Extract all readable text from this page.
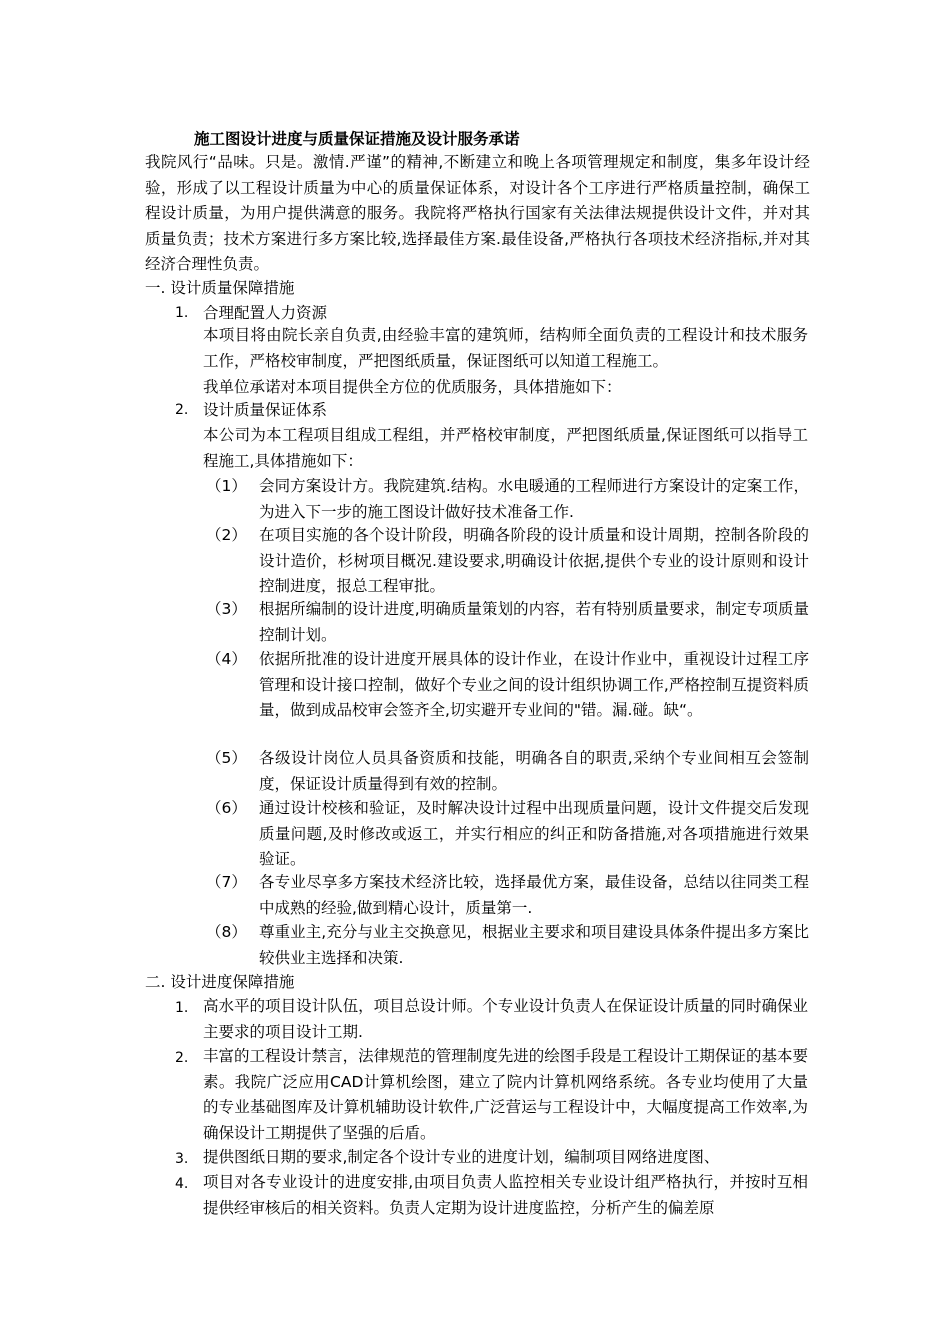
施工图设计进度与质量保证措施及设计服务承诺
我院风行“品味。只是。激情.严谨”的精神,不断建立和晚上各项管理规定和制度，集多年设计经验，形成了以工程设计质量为中心的质量保证体系，对设计各个工序进行严格质量控制，确保工程设计质量，为用户提供满意的服务。我院将严格执行国家有关法律法规提供设计文件，并对其质量负责；技术方案进行多方案比较,选择最佳方案.最佳设备,严格执行各项技术经济指标,并对其经济合理性负责。
一. 设计质量保障措施
1. 合理配置人力资源
本项目将由院长亲自负责,由经验丰富的建筑师，结构师全面负责的工程设计和技术服务工作，严格校审制度，严把图纸质量，保证图纸可以知道工程施工。
我单位承诺对本项目提供全方位的优质服务，具体措施如下：
2. 设计质量保证体系
本公司为本工程项目组成工程组，并严格校审制度，严把图纸质量,保证图纸可以指导工程施工,具体措施如下：
（1） 会同方案设计方。我院建筑.结构。水电暖通的工程师进行方案设计的定案工作，为进入下一步的施工图设计做好技术准备工作.
（2） 在项目实施的各个设计阶段，明确各阶段的设计质量和设计周期，控制各阶段的设计造价，杉树项目概况.建设要求,明确设计依据,提供个专业的设计原则和设计控制进度，报总工程审批。
（3） 根据所编制的设计进度,明确质量策划的内容，若有特别质量要求，制定专项质量控制计划。
（4） 依据所批准的设计进度开展具体的设计作业，在设计作业中，重视设计过程工序管理和设计接口控制，做好个专业之间的设计组织协调工作,严格控制互提资料质量，做到成品校审会签齐全,切实避开专业间的"错。漏.碰。缺“。
（5） 各级设计岗位人员具备资质和技能，明确各自的职责,采纳个专业间相互会签制度，保证设计质量得到有效的控制。
（6） 通过设计校核和验证，及时解决设计过程中出现质量问题，设计文件提交后发现质量问题,及时修改或返工，并实行相应的纠正和防备措施,对各项措施进行效果验证。
（7） 各专业尽享多方案技术经济比较，选择最优方案，最佳设备，总结以往同类工程中成熟的经验,做到精心设计，质量第一.
（8） 尊重业主,充分与业主交换意见，根据业主要求和项目建设具体条件提出多方案比较供业主选择和决策.
二. 设计进度保障措施
1. 高水平的项目设计队伍，项目总设计师。个专业设计负责人在保证设计质量的同时确保业主要求的项目设计工期.
2. 丰富的工程设计禁言，法律规范的管理制度先进的绘图手段是工程设计工期保证的基本要素。我院广泛应用CAD计算机绘图，建立了院内计算机网络系统。各专业均使用了大量的专业基础图库及计算机辅助设计软件,广泛营运与工程设计中，大幅度提高工作效率,为确保设计工期提供了坚强的后盾。
3. 提供图纸日期的要求,制定各个设计专业的进度计划，编制项目网络进度图、
4. 项目对各专业设计的进度安排,由项目负责人监控相关专业设计组严格执行，并按时互相提供经审核后的相关资料。负责人定期为设计进度监控，分析产生的偏差原
